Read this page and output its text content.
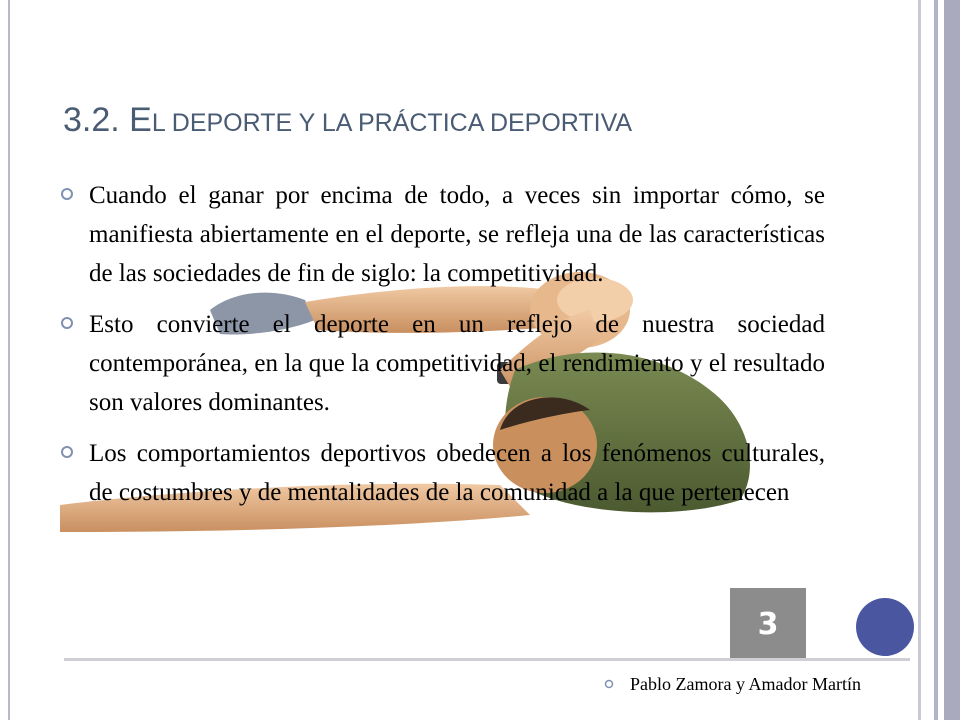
3.2. EL DEPORTE Y LA PRÁCTICA DEPORTIVA
Cuando el ganar por encima de todo, a veces sin importar cómo, se manifiesta abiertamente en el deporte, se refleja una de las características de las sociedades de fin de siglo: la competitividad.
Esto convierte el deporte en un reflejo de nuestra sociedad contemporánea, en la que la competitividad, el rendimiento y el resultado son valores dominantes.
Los comportamientos deportivos obedecen a los fenómenos culturales, de costumbres y de mentalidades de la comunidad a la que pertenecen
3
Pablo Zamora y Amador Martín
